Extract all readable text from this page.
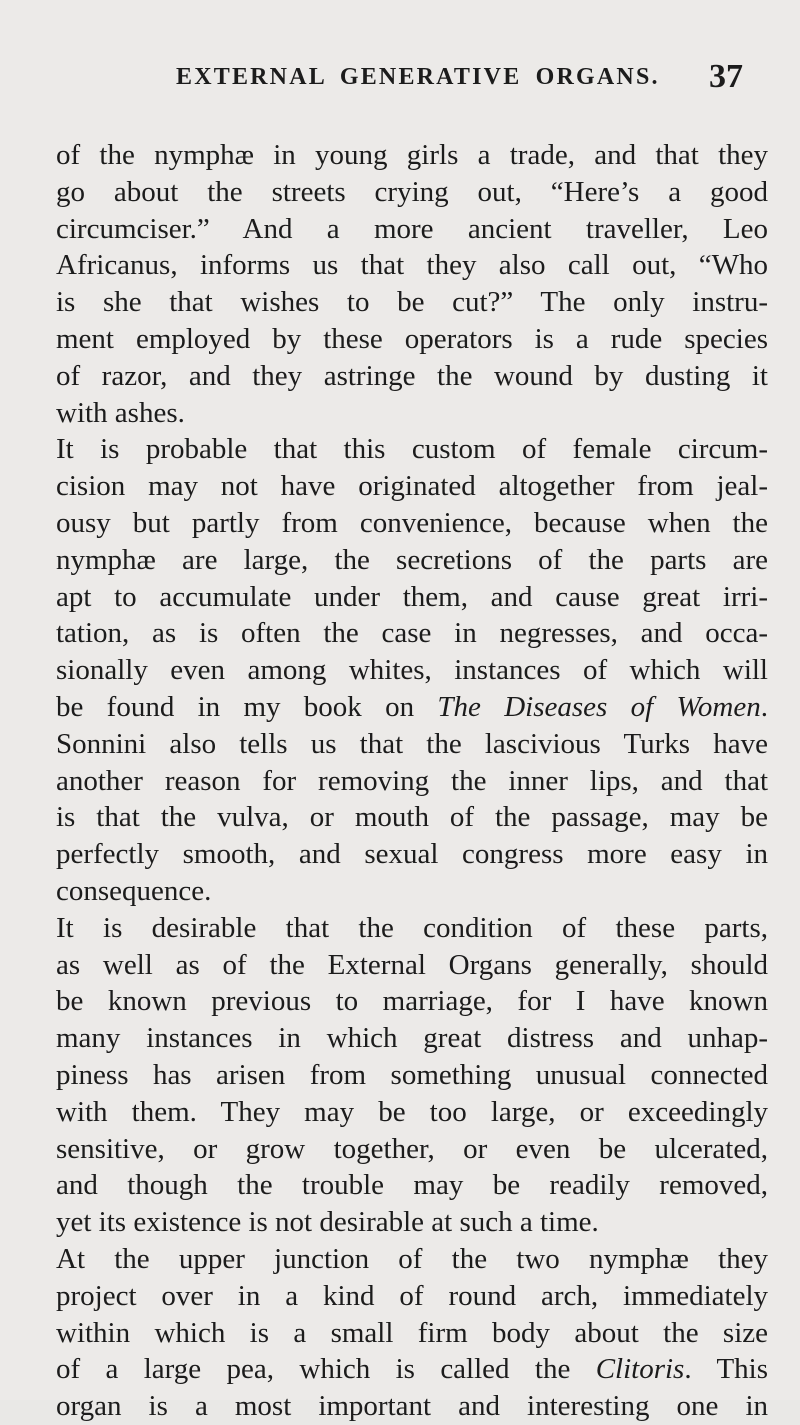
EXTERNAL GENERATIVE ORGANS. 37
of the nymphæ in young girls a trade, and that they
go about the streets crying out, “Here’s a good
circumciser.” And a more ancient traveller, Leo
Africanus, informs us that they also call out, “Who
is she that wishes to be cut?” The only instru-
ment employed by these operators is a rude species
of razor, and they astringe the wound by dusting it
with ashes.
It is probable that this custom of female circum-
cision may not have originated altogether from jeal-
ousy but partly from convenience, because when the
nymphæ are large, the secretions of the parts are
apt to accumulate under them, and cause great irri-
tation, as is often the case in negresses, and occa-
sionally even among whites, instances of which will
be found in my book on The Diseases of Women.
Sonnini also tells us that the lascivious Turks have
another reason for removing the inner lips, and that
is that the vulva, or mouth of the passage, may be
perfectly smooth, and sexual congress more easy in
consequence.
It is desirable that the condition of these parts,
as well as of the External Organs generally, should
be known previous to marriage, for I have known
many instances in which great distress and unhap-
piness has arisen from something unusual connected
with them. They may be too large, or exceedingly
sensitive, or grow together, or even be ulcerated,
and though the trouble may be readily removed,
yet its existence is not desirable at such a time.
At the upper junction of the two nymphæ they
project over in a kind of round arch, immediately
within which is a small firm body about the size
of a large pea, which is called the Clitoris. This
organ is a most important and interesting one in
